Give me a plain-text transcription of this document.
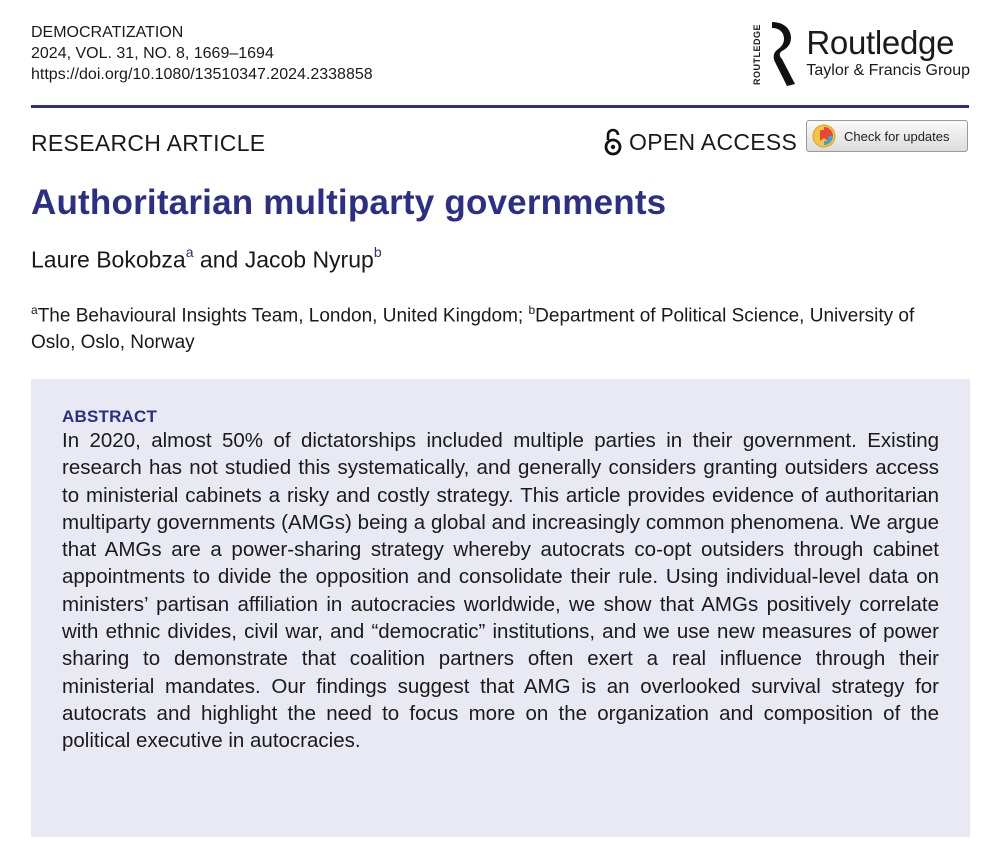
DEMOCRATIZATION
2024, VOL. 31, NO. 8, 1669–1694
https://doi.org/10.1080/13510347.2024.2338858	ROUTLEDGE Routledge
Taylor & Francis Group
RESEARCH ARTICLE	OPEN ACCESS	Check for updates
Authoritarian multiparty governments
Laure Bokobza$^a$ and Jacob Nyrup$^b$
$^a$The Behavioural Insights Team, London, United Kingdom; $^b$Department of Political Science, University of Oslo, Oslo, Norway
ABSTRACT

In 2020, almost 50% of dictatorships included multiple parties in their government. Existing research has not studied this systematically, and generally considers granting outsiders access to ministerial cabinets a risky and costly strategy. This article provides evidence of authoritarian multiparty governments (AMGs) being a global and increasingly common phenomena. We argue that AMGs are a power-sharing strategy whereby autocrats co-opt outsiders through cabinet appointments to divide the opposition and consolidate their rule. Using individual-level data on ministers’ partisan affiliation in autocracies worldwide, we show that AMGs positively correlate with ethnic divides, civil war, and “democratic” institutions, and we use new measures of power sharing to demonstrate that coalition partners often exert a real influence through their ministerial mandates. Our findings suggest that AMG is an overlooked survival strategy for autocrats and highlight the need to focus more on the organization and composition of the political executive in autocracies.
